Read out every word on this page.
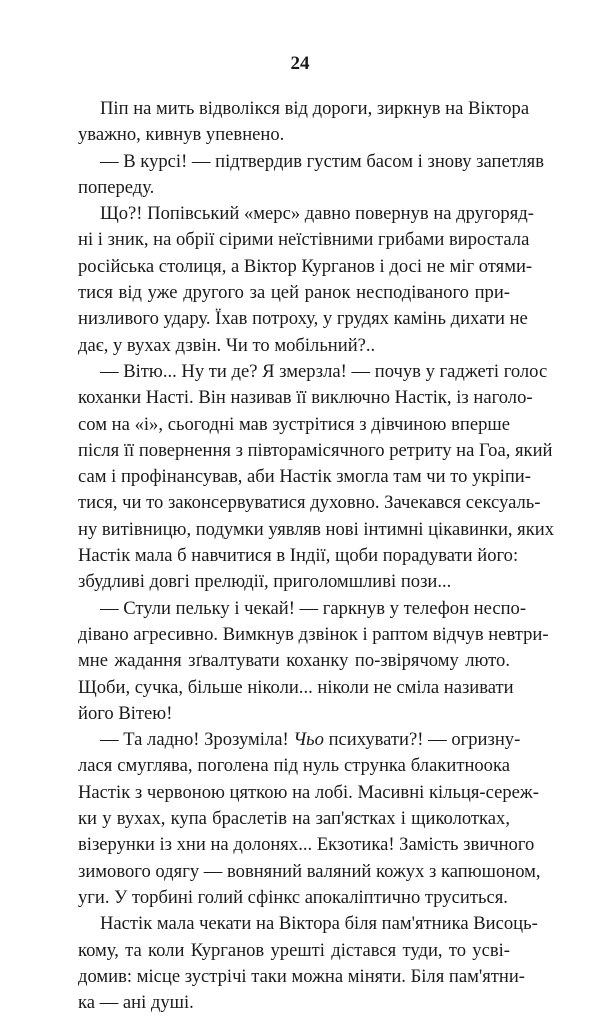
24
Піп на мить відволікся від дороги, зиркнув на Віктора
уважно, кивнув упевнено.
— В курсі! — підтвердив густим басом і знову запетляв
попереду.
Що?! Попівський «мерс» давно повернув на другоряд-
ні і зник, на обрії сірими неїстівними грибами виростала
російська столиця, а Віктор Курганов і досі не міг отями-
тися від уже другого за цей ранок несподіваного при-
низливого удару. Їхав потроху, у грудях камінь дихати не
дає, у вухах дзвін. Чи то мобільний?..
— Вітю... Ну ти де? Я змерзла! — почув у гаджеті голос
коханки Насті. Він називав її виключно Настік, із наголо-
сом на «і», сьогодні мав зустрітися з дівчиною вперше
після її повернення з півторамісячного ретриту на Гоа, який
сам і профінансував, аби Настік змогла там чи то укріпи-
тися, чи то законсервуватися духовно. Зачекався сексуаль-
ну витівницю, подумки уявляв нові інтимні цікавинки, яких
Настік мала б навчитися в Індії, щоби порадувати його:
збудливі довгі прелюдії, приголомшливі пози...
— Стули пельку і чекай! — гаркнув у телефон неспо-
дівано агресивно. Вимкнув дзвінок і раптом відчув невтри-
мне жадання зґвалтувати коханку по-звірячому люто.
Щоби, сучка, більше ніколи... ніколи не сміла називати
його Вітею!
— Та ладно! Зрозуміла! Чьо психувати?! — огризну-
лася смуглява, поголена під нуль струнка блакитноока
Настік з червоною цяткою на лобі. Масивні кільця-сереж-
ки у вухах, купа браслетів на зап'ястках і щиколотках,
візерунки із хни на долонях... Екзотика! Замість звичного
зимового одягу — вовняний валяний кожух з капюшоном,
уги. У торбині голий сфінкс апокаліптично труситься.
Настік мала чекати на Віктора біля пам'ятника Висоць-
кому, та коли Курганов урешті дістався туди, то усві-
домив: місце зустрічі таки можна міняти. Біля пам'ятни-
ка — ані душі.
